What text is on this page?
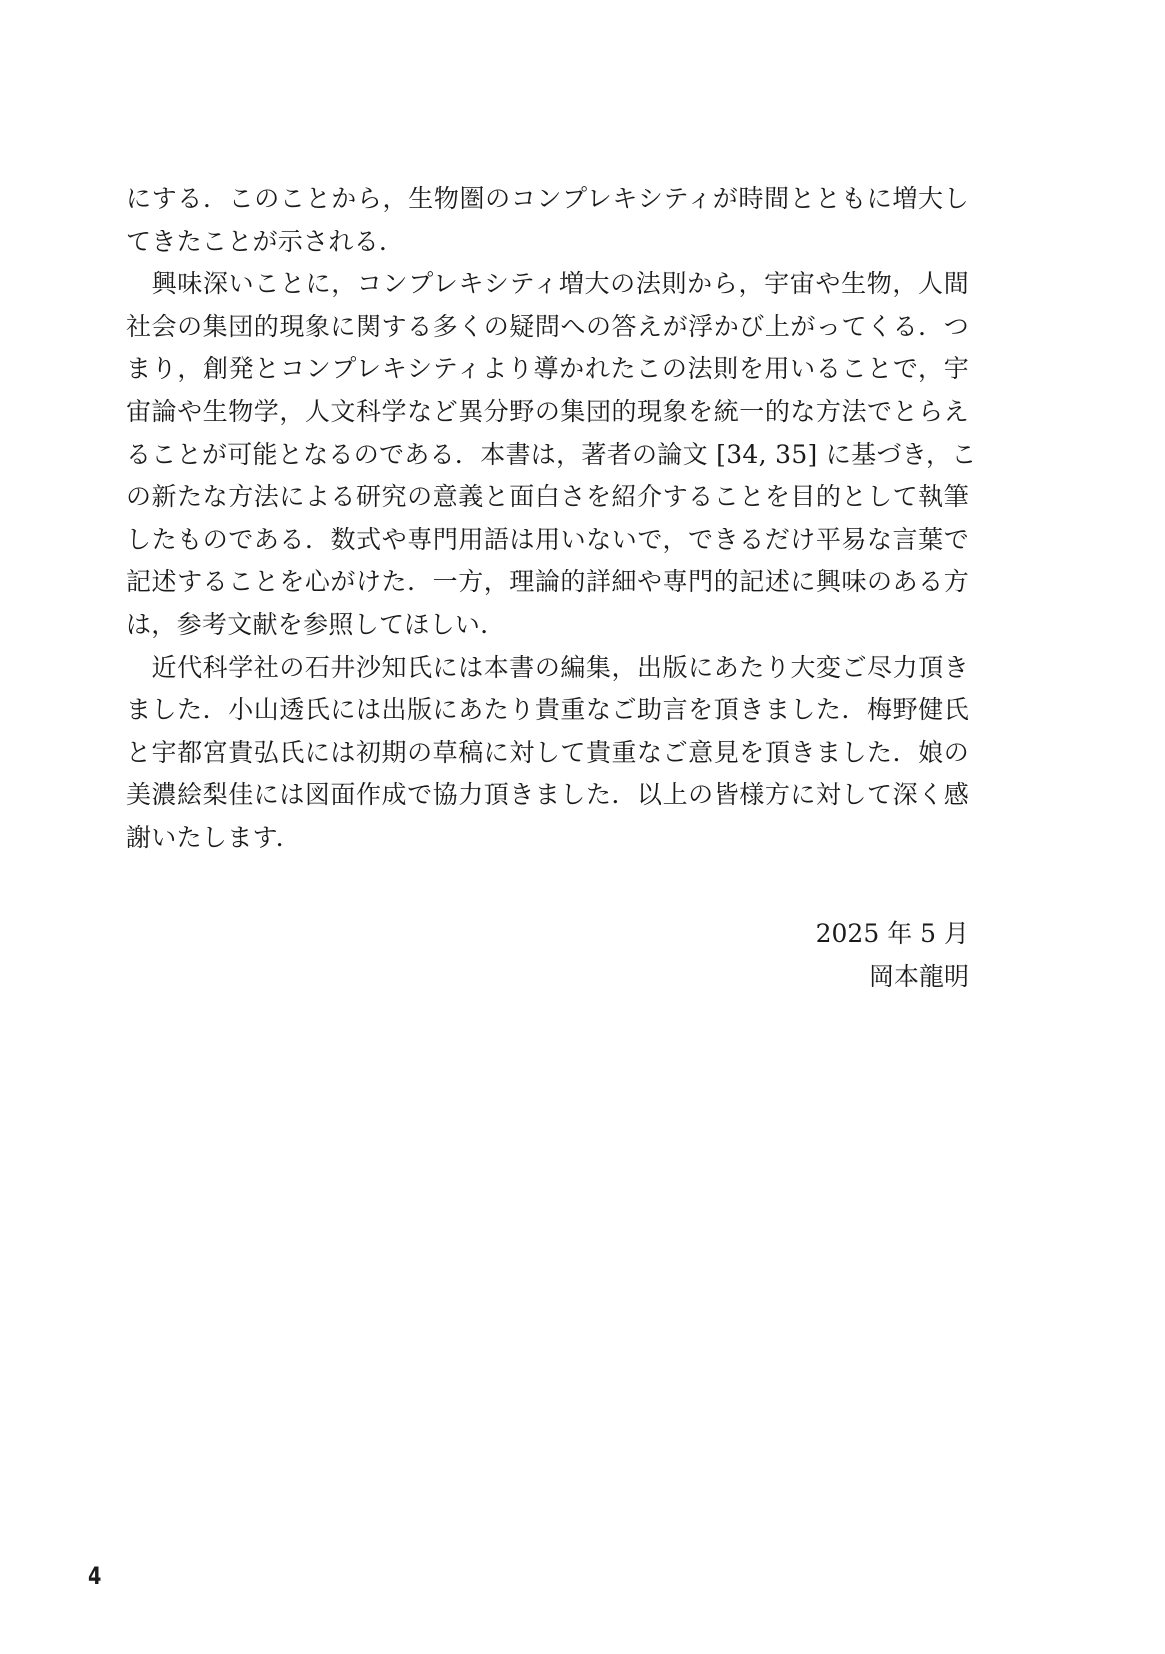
にする．このことから，生物圏のコンプレキシティが時間とともに増大し
てきたことが示される．
　興味深いことに，コンプレキシティ増大の法則から，宇宙や生物，人間
社会の集団的現象に関する多くの疑問への答えが浮かび上がってくる．つ
まり，創発とコンプレキシティより導かれたこの法則を用いることで，宇
宙論や生物学，人文科学など異分野の集団的現象を統一的な方法でとらえ
ることが可能となるのである．本書は，著者の論文 [34, 35] に基づき，こ
の新たな方法による研究の意義と面白さを紹介することを目的として執筆
したものである．数式や専門用語は用いないで，できるだけ平易な言葉で
記述することを心がけた．一方，理論的詳細や専門的記述に興味のある方
は，参考文献を参照してほしい．
　近代科学社の石井沙知氏には本書の編集，出版にあたり大変ご尽力頂き
ました．小山透氏には出版にあたり貴重なご助言を頂きました．梅野健氏
と宇都宮貴弘氏には初期の草稿に対して貴重なご意見を頂きました．娘の
美濃絵梨佳には図面作成で協力頂きました．以上の皆様方に対して深く感
謝いたします．
2025 年 5 月
岡本龍明
4
